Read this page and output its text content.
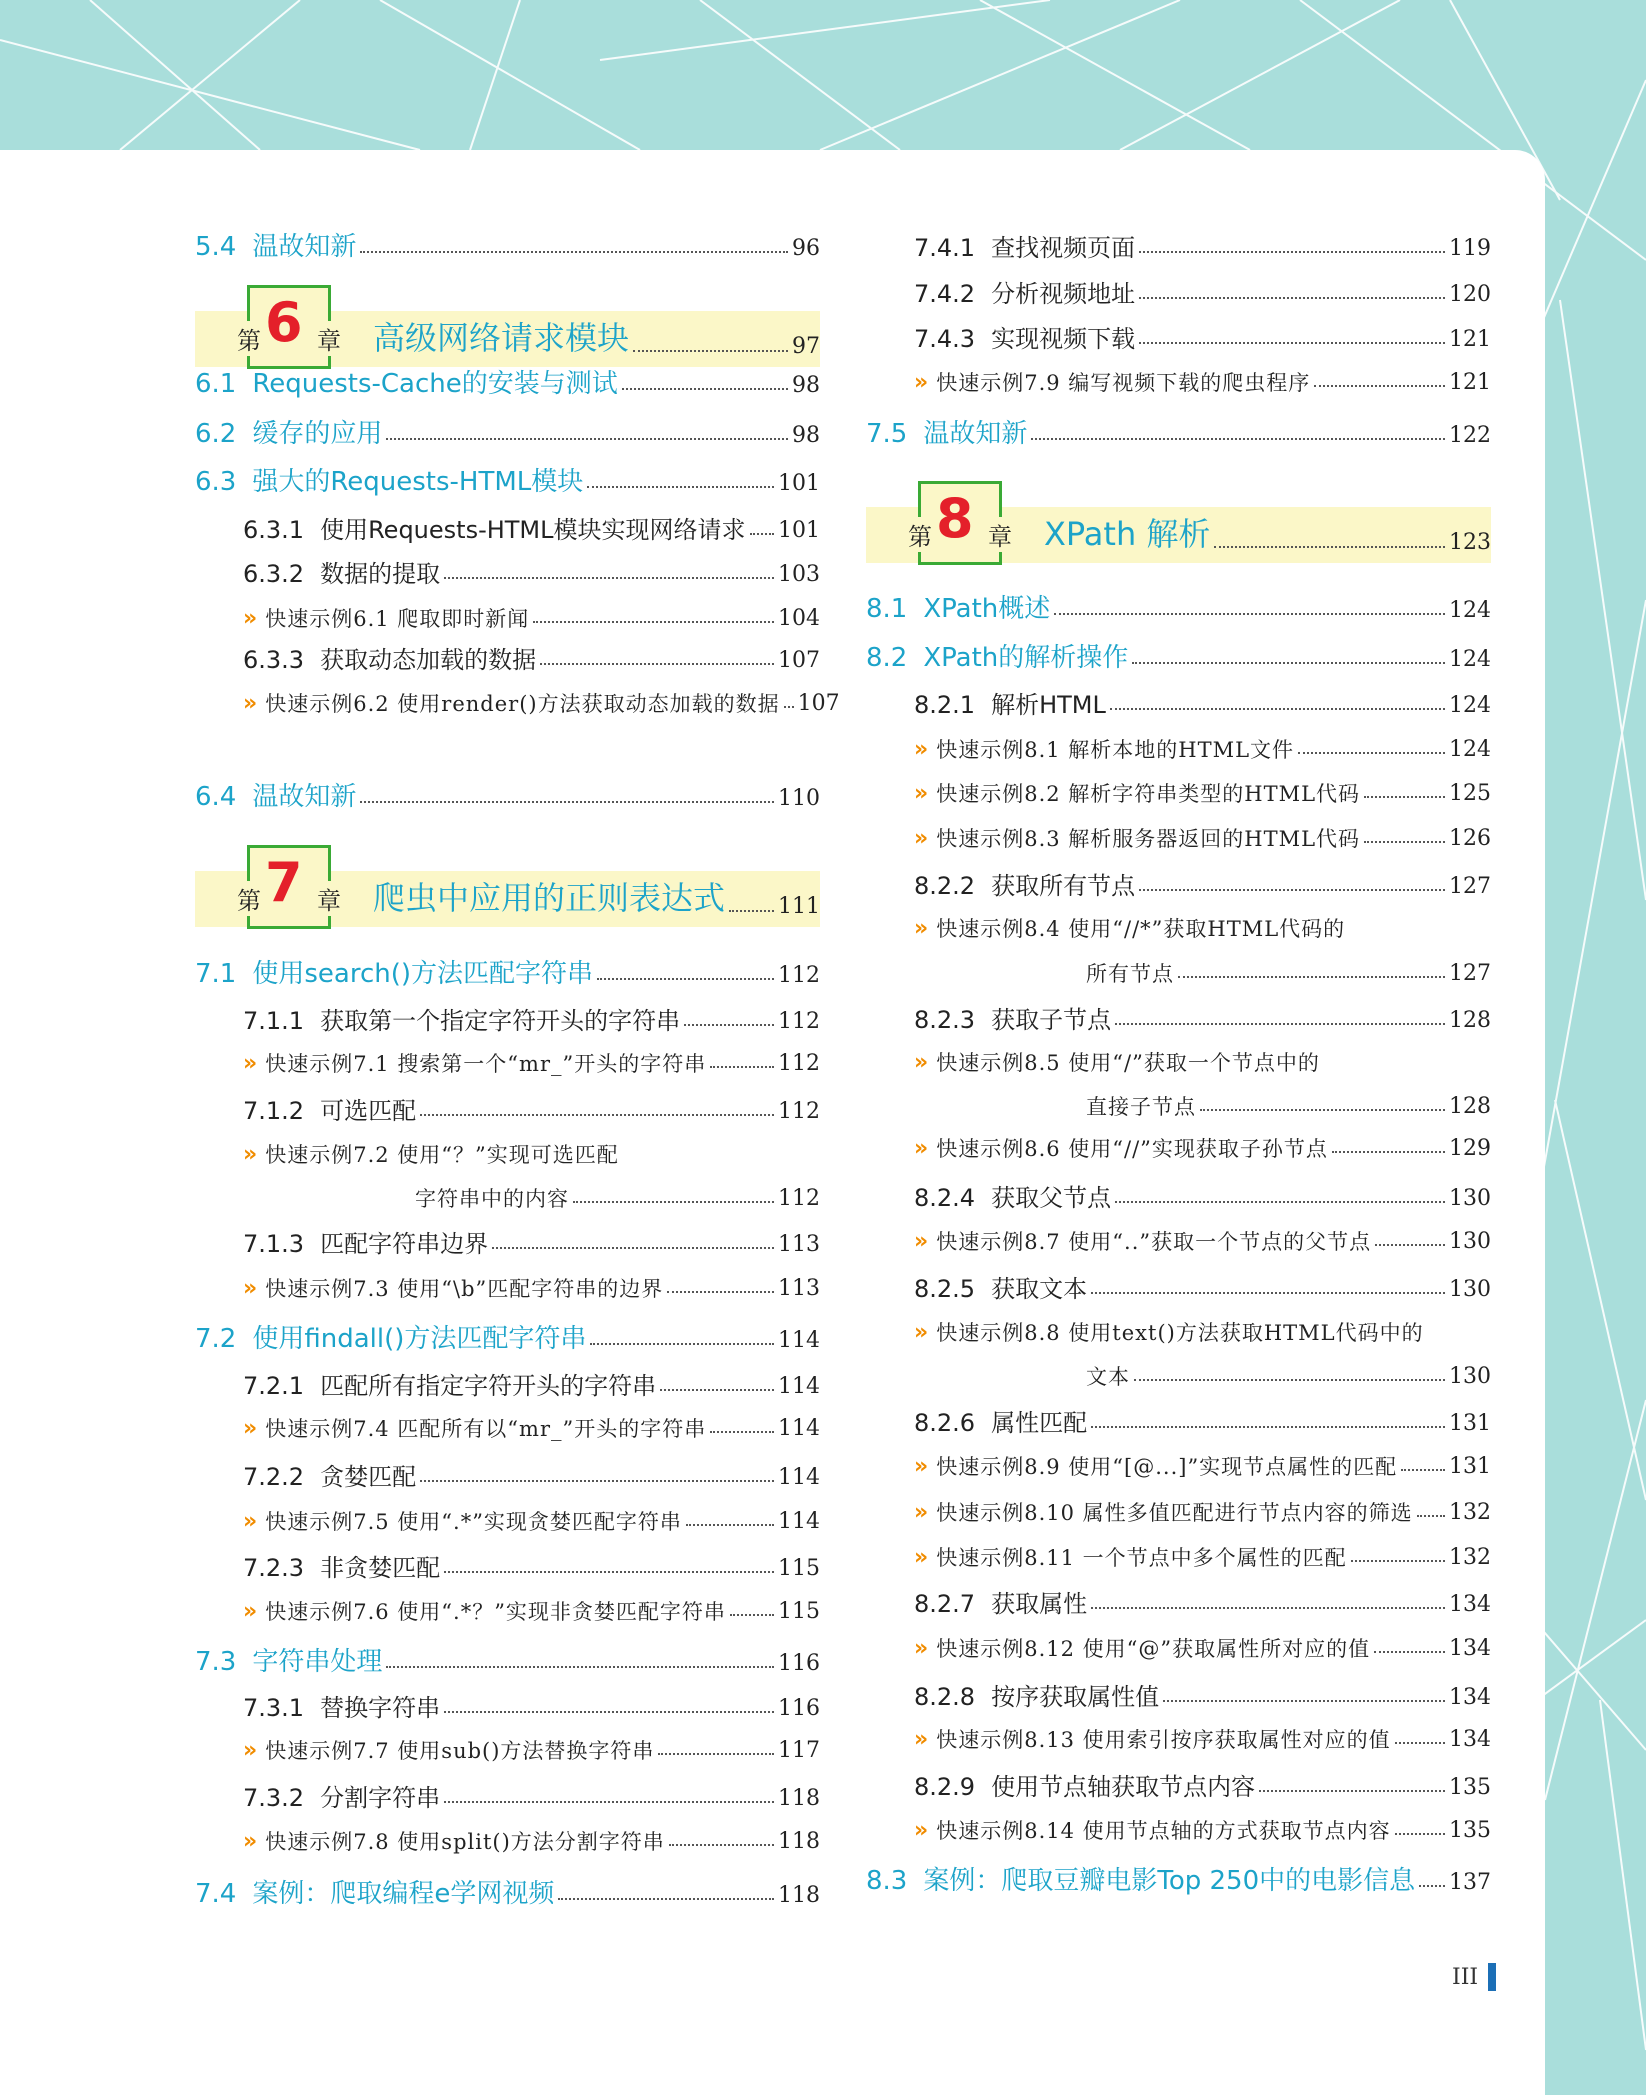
5.4 温故知新	96
第 6 章 高级网络请求模块	97
6.1 Requests-Cache的安装与测试	98
6.2 缓存的应用	98
6.3 强大的Requests-HTML模块	101
6.3.1 使用Requests-HTML模块实现网络请求 101
6.3.2 数据的提取	103
» 快速示例6.1 爬取即时新闻	104
6.3.3 获取动态加载的数据	107
» 快速示例6.2 使用render()方法获取动态加载的数据 107
6.4 温故知新	110
第 7 章 爬虫中应用的正则表达式 111
7.1 使用search()方法匹配字符串	112
7.1.1 获取第一个指定字符开头的字符串	112
» 快速示例7.1 搜索第一个“mr_”开头的字符串	112
7.1.2 可选匹配	112
» 快速示例7.2 使用“？”实现可选匹配
字符串中的内容	112
7.1.3 匹配字符串边界	113
» 快速示例7.3 使用“\b”匹配字符串的边界	113
7.2 使用findall()方法匹配字符串	114
7.2.1 匹配所有指定字符开头的字符串	114
» 快速示例7.4 匹配所有以“mr_”开头的字符串	114
7.2.2 贪婪匹配	114
» 快速示例7.5 使用“.*”实现贪婪匹配字符串	114
7.2.3 非贪婪匹配	115
» 快速示例7.6 使用“.*？”实现非贪婪匹配字符串 115
7.3 字符串处理	116
7.3.1 替换字符串	116
» 快速示例7.7 使用sub()方法替换字符串	117
7.3.2 分割字符串	118
» 快速示例7.8 使用split()方法分割字符串	118
7.4 案例：爬取编程e学网视频	118
7.4.1 查找视频页面	119
7.4.2 分析视频地址	120
7.4.3 实现视频下载	121
» 快速示例7.9 编写视频下载的爬虫程序	121
7.5 温故知新	122
第 8 章 XPath 解析	123
8.1 XPath概述	124
8.2 XPath的解析操作	124
8.2.1 解析HTML	124
» 快速示例8.1 解析本地的HTML文件	124
» 快速示例8.2 解析字符串类型的HTML代码	125
» 快速示例8.3 解析服务器返回的HTML代码	126
8.2.2 获取所有节点	127
» 快速示例8.4 使用“//*”获取HTML代码的
所有节点	127
8.2.3 获取子节点	128
» 快速示例8.5 使用“/”获取一个节点中的
直接子节点	128
» 快速示例8.6 使用“//”实现获取子孙节点	129
8.2.4 获取父节点	130
» 快速示例8.7 使用“..”获取一个节点的父节点	130
8.2.5 获取文本	130
» 快速示例8.8 使用text()方法获取HTML代码中的
文本	130
8.2.6 属性匹配	131
» 快速示例8.9 使用“[@...]”实现节点属性的匹配 131
» 快速示例8.10 属性多值匹配进行节点内容的筛选 132
» 快速示例8.11 一个节点中多个属性的匹配	132
8.2.7 获取属性	134
» 快速示例8.12 使用“@”获取属性所对应的值	134
8.2.8 按序获取属性值	134
» 快速示例8.13 使用索引按序获取属性对应的值	134
8.2.9 使用节点轴获取节点内容	135
» 快速示例8.14 使用节点轴的方式获取节点内容	135
8.3 案例：爬取豆瓣电影Top 250中的电影信息 137
III
